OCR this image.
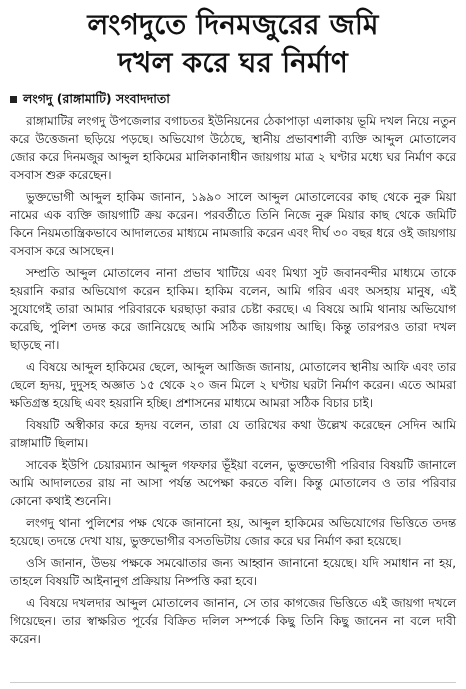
লংগদুতে দিনমজুরের জমি
দখল করে ঘর নির্মাণ
লংগদু (রাঙ্গামাটি) সংবাদদাতা

রাঙ্গামাটির লংগদু উপজেলার বগাচতর ইউনিয়নের ঠেকাপাড়া এলাকায় ভূমি দখল নিয়ে নতুন করে উত্তেজনা ছড়িয়ে পড়ছে। অভিযোগ উঠেছে, স্থানীয় প্রভাবশালী ব্যক্তি আব্দুল মোতালেব জোর করে দিনমজুর আব্দুল হাকিমের মালিকানাধীন জায়গায় মাত্র ২ ঘণ্টার মধ্যে ঘর নির্মাণ করে বসবাস শুরু করেছেন।

ভুক্তভোগী আব্দুল হাকিম জানান, ১৯৯০ সালে আব্দুল মোতালেবের কাছ থেকে নুরু মিয়া নামের এক ব্যক্তি জায়গাটি ক্রয় করেন। পরবর্তীতে তিনি নিজে নুরু মিয়ার কাছ থেকে জমিটি কিনে নিয়মতান্ত্রিকভাবে আদালতের মাধ্যমে নামজারি করেন এবং দীর্ঘ ৩০ বছর ধরে ওই জায়গায় বসবাস করে আসছেন।

সম্প্রতি আব্দুল মোতালেব নানা প্রভাব খাটিয়ে এবং মিথ্যা সুট জবানবন্দীর মাধ্যমে তাকে হয়রানি করার অভিযোগ করেন হাকিম। হাকিম বলেন, আমি গরিব এবং অসহায় মানুষ, এই সুযোগেই তারা আমার পরিবারকে ঘরছাড়া করার চেষ্টা করছে। এ বিষয়ে আমি থানায় অভিযোগ করেছি, পুলিশ তদন্ত করে জানিয়েছে আমি সঠিক জায়গায় আছি। কিন্তু তারপরও তারা দখল ছাড়ছে না।

এ বিষয়ে আব্দুল হাকিমের ছেলে, আব্দুল আজিজ জানায়, মোতালেব স্থানীয় আফি এবং তার ছেলে হৃদয়, দুদুসহ অজ্ঞাত ১৫ থেকে ২০ জন মিলে ২ ঘণ্টায় ঘরটা নির্মাণ করেন। এতে আমরা ক্ষতিগ্রস্ত হয়েছি এবং হয়রানি হচ্ছি। প্রশাসনের মাধ্যমে আমরা সঠিক বিচার চাই।

বিষয়টি অস্বীকার করে হৃদয় বলেন, তারা যে তারিখের কথা উল্লেখ করেছেন সেদিন আমি রাঙ্গামাটি ছিলাম।

সাবেক ইউপি চেয়ারম্যান আব্দুল গফফার ভূঁইয়া বলেন, ভুক্তভোগী পরিবার বিষয়টি জানালে আমি আদালতের রায় না আসা পর্যন্ত অপেক্ষা করতে বলি। কিন্তু মোতালেব ও তার পরিবার কোনো কথাই শুনেনি।

লংগদু থানা পুলিশের পক্ষ থেকে জানানো হয়, আব্দুল হাকিমের অভিযোগের ভিত্তিতে তদন্ত হয়েছে। তদন্তে দেখা যায়, ভুক্তভোগীর বসতভিটায় জোর করে ঘর নির্মাণ করা হয়েছে।

ওসি জানান, উভয় পক্ষকে সমঝোতার জন্য আহ্বান জানানো হয়েছে। যদি সমাধান না হয়, তাহলে বিষয়টি আইনানুগ প্রক্রিয়ায় নিষ্পত্তি করা হবে।

এ বিষয়ে দখলদার আব্দুল মোতালেব জানান, সে তার কাগজের ভিত্তিতে এই জায়গা দখলে গিয়েছেন। তার স্বাক্ষরিত পূর্বের বিক্রিত দলিল সম্পর্কে কিছু তিনি কিছু জানেন না বলে দাবী করেন।
